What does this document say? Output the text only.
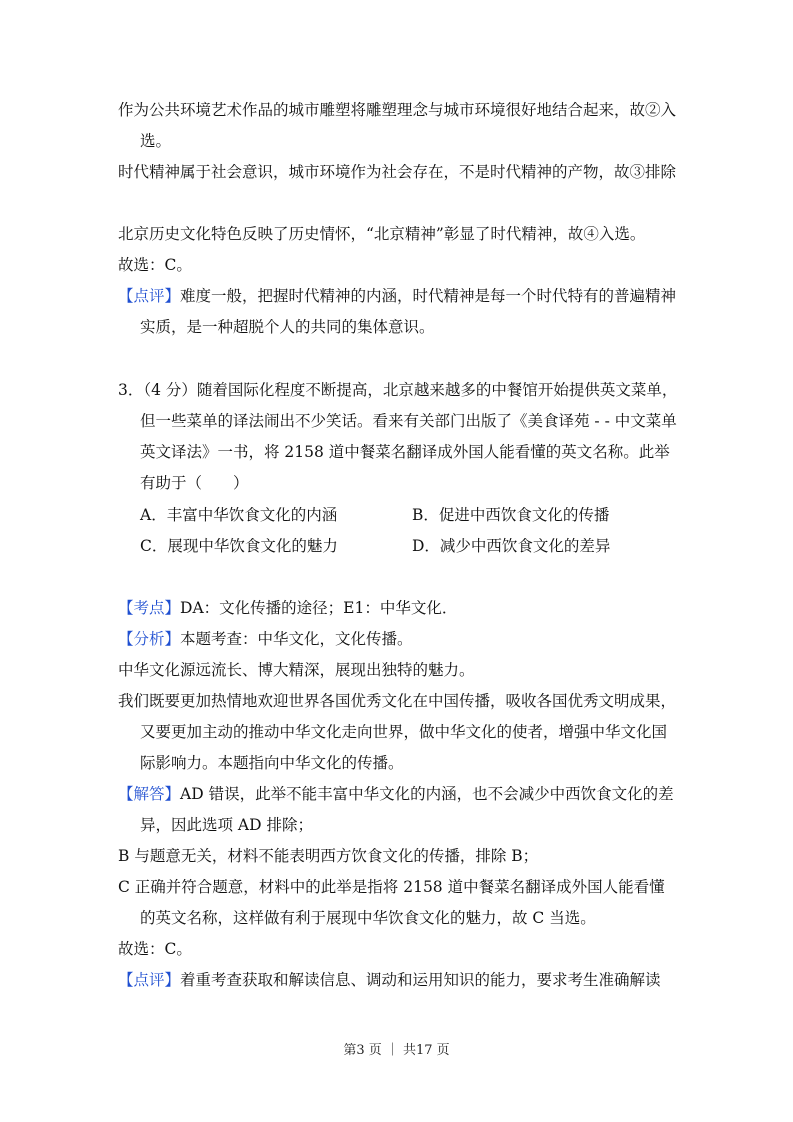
作为公共环境艺术作品的城市雕塑将雕塑理念与城市环境很好地结合起来，故②入选。

时代精神属于社会意识，城市环境作为社会存在，不是时代精神的产物，故③排除

北京历史文化特色反映了历史情怀，“北京精神”彰显了时代精神，故④入选。

故选：C。

【点评】难度一般，把握时代精神的内涵，时代精神是每一个时代特有的普遍精神实质，是一种超脱个人的共同的集体意识。

3．（4 分）随着国际化程度不断提高，北京越来越多的中餐馆开始提供英文菜单，但一些菜单的译法闹出不少笑话。看来有关部门出版了《美食译苑 - - 中文菜单英文译法》一书，将 2158 道中餐菜名翻译成外国人能看懂的英文名称。此举有助于（　　）

A．丰富中华饮食文化的内涵	B．促进中西饮食文化的传播
C．展现中华饮食文化的魅力	D．减少中西饮食文化的差异

【考点】DA：文化传播的途径；E1：中华文化．

【分析】本题考查：中华文化，文化传播。

中华文化源远流长、博大精深，展现出独特的魅力。

我们既要更加热情地欢迎世界各国优秀文化在中国传播，吸收各国优秀文明成果，又要更加主动的推动中华文化走向世界，做中华文化的使者，增强中华文化国际影响力。本题指向中华文化的传播。

【解答】AD 错误，此举不能丰富中华文化的内涵，也不会减少中西饮食文化的差异，因此选项 AD 排除；

B 与题意无关，材料不能表明西方饮食文化的传播，排除 B；

C 正确并符合题意，材料中的此举是指将 2158 道中餐菜名翻译成外国人能看懂的英文名称，这样做有利于展现中华饮食文化的魅力，故 C 当选。

故选：C。

【点评】着重考查获取和解读信息、调动和运用知识的能力，要求考生准确解读

第3 页 ｜ 共17 页
